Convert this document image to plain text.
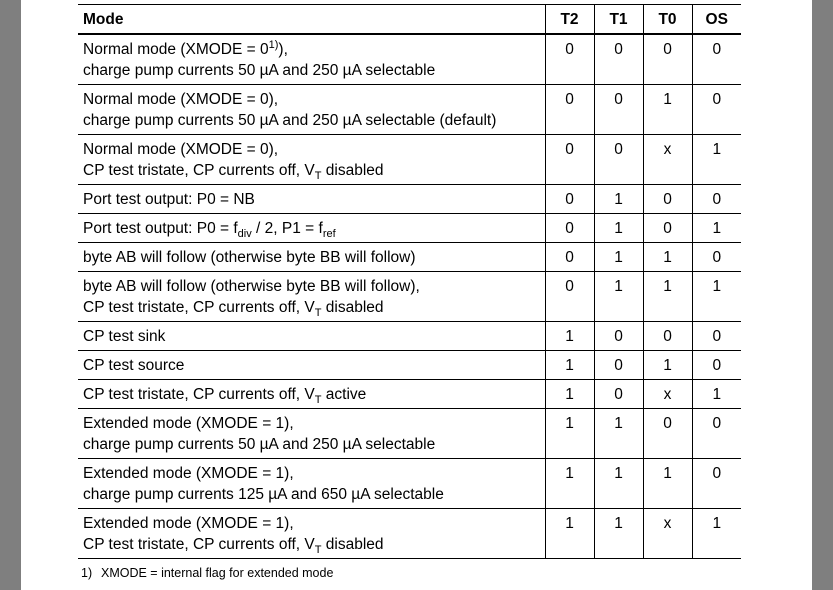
Mode	T2	T1	T0	OS

Normal mode (XMODE = $0^{1)}$),
charge pump currents 50 µA and 250 µA selectable	0	0	0	0

Normal mode (XMODE = 0),
charge pump currents 50 µA and 250 µA selectable (default)	0	0	1	0

Normal mode (XMODE = 0),
CP test tristate, CP currents off, $V_T$ disabled	0	0	x	1

Port test output: P0 = NB	0	1	0	0

Port test output: $P0 = f_{div} / 2$, $P1 = f_{ref}$	0	1	0	1

byte AB will follow (otherwise byte BB will follow)	0	1	1	0

byte AB will follow (otherwise byte BB will follow),
CP test tristate, CP currents off, $V_T$ disabled	0	1	1	1

CP test sink	1	0	0	0

CP test source	1	0	1	0

CP test tristate, CP currents off, $V_T$ active	1	0	x	1

Extended mode (XMODE = 1),
charge pump currents 50 µA and 250 µA selectable	1	1	0	0

Extended mode (XMODE = 1),
charge pump currents 125 µA and 650 µA selectable	1	1	1	0

Extended mode (XMODE = 1),
CP test tristate, CP currents off, $V_T$ disabled	1	1	x	1
1) XMODE = internal flag for extended mode
